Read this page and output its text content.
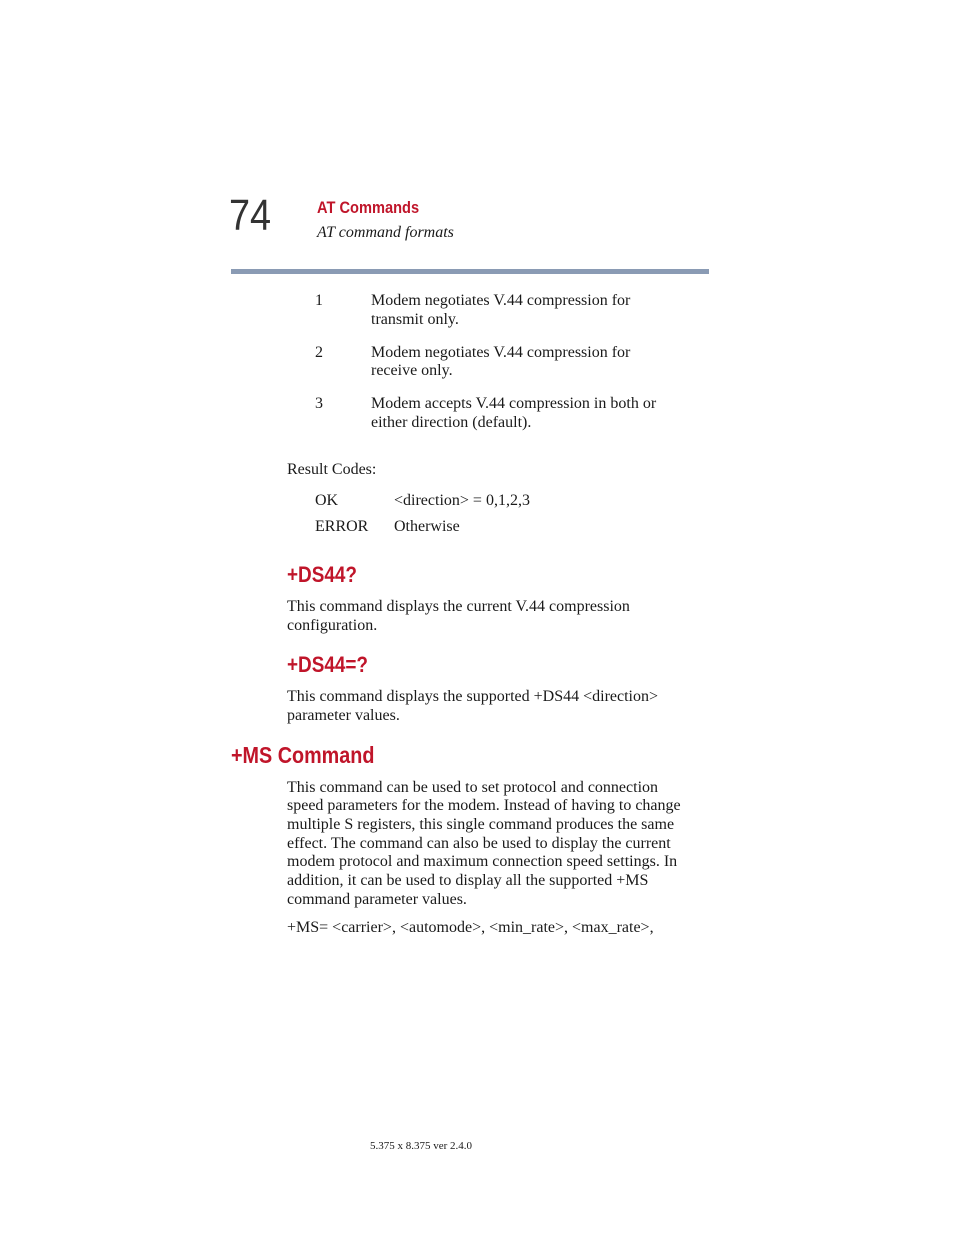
74	AT Commands
AT command formats
1	Modem negotiates V.44 compression for
transmit only.
2	Modem negotiates V.44 compression for
receive only.
3	Modem accepts V.44 compression in both or
either direction (default).
Result Codes:
OK	<direction> = 0,1,2,3
ERROR Otherwise
+DS44?
This command displays the current V.44 compression
configuration.
+DS44=?
This command displays the supported +DS44 <direction>
parameter values.
+MS Command
This command can be used to set protocol and connection
speed parameters for the modem. Instead of having to change
multiple S registers, this single command produces the same
effect. The command can also be used to display the current
modem protocol and maximum connection speed settings. In
addition, it can be used to display all the supported +MS
command parameter values.
+MS= <carrier>, <automode>, <min_rate>, <max_rate>,
5.375 x 8.375 ver 2.4.0
